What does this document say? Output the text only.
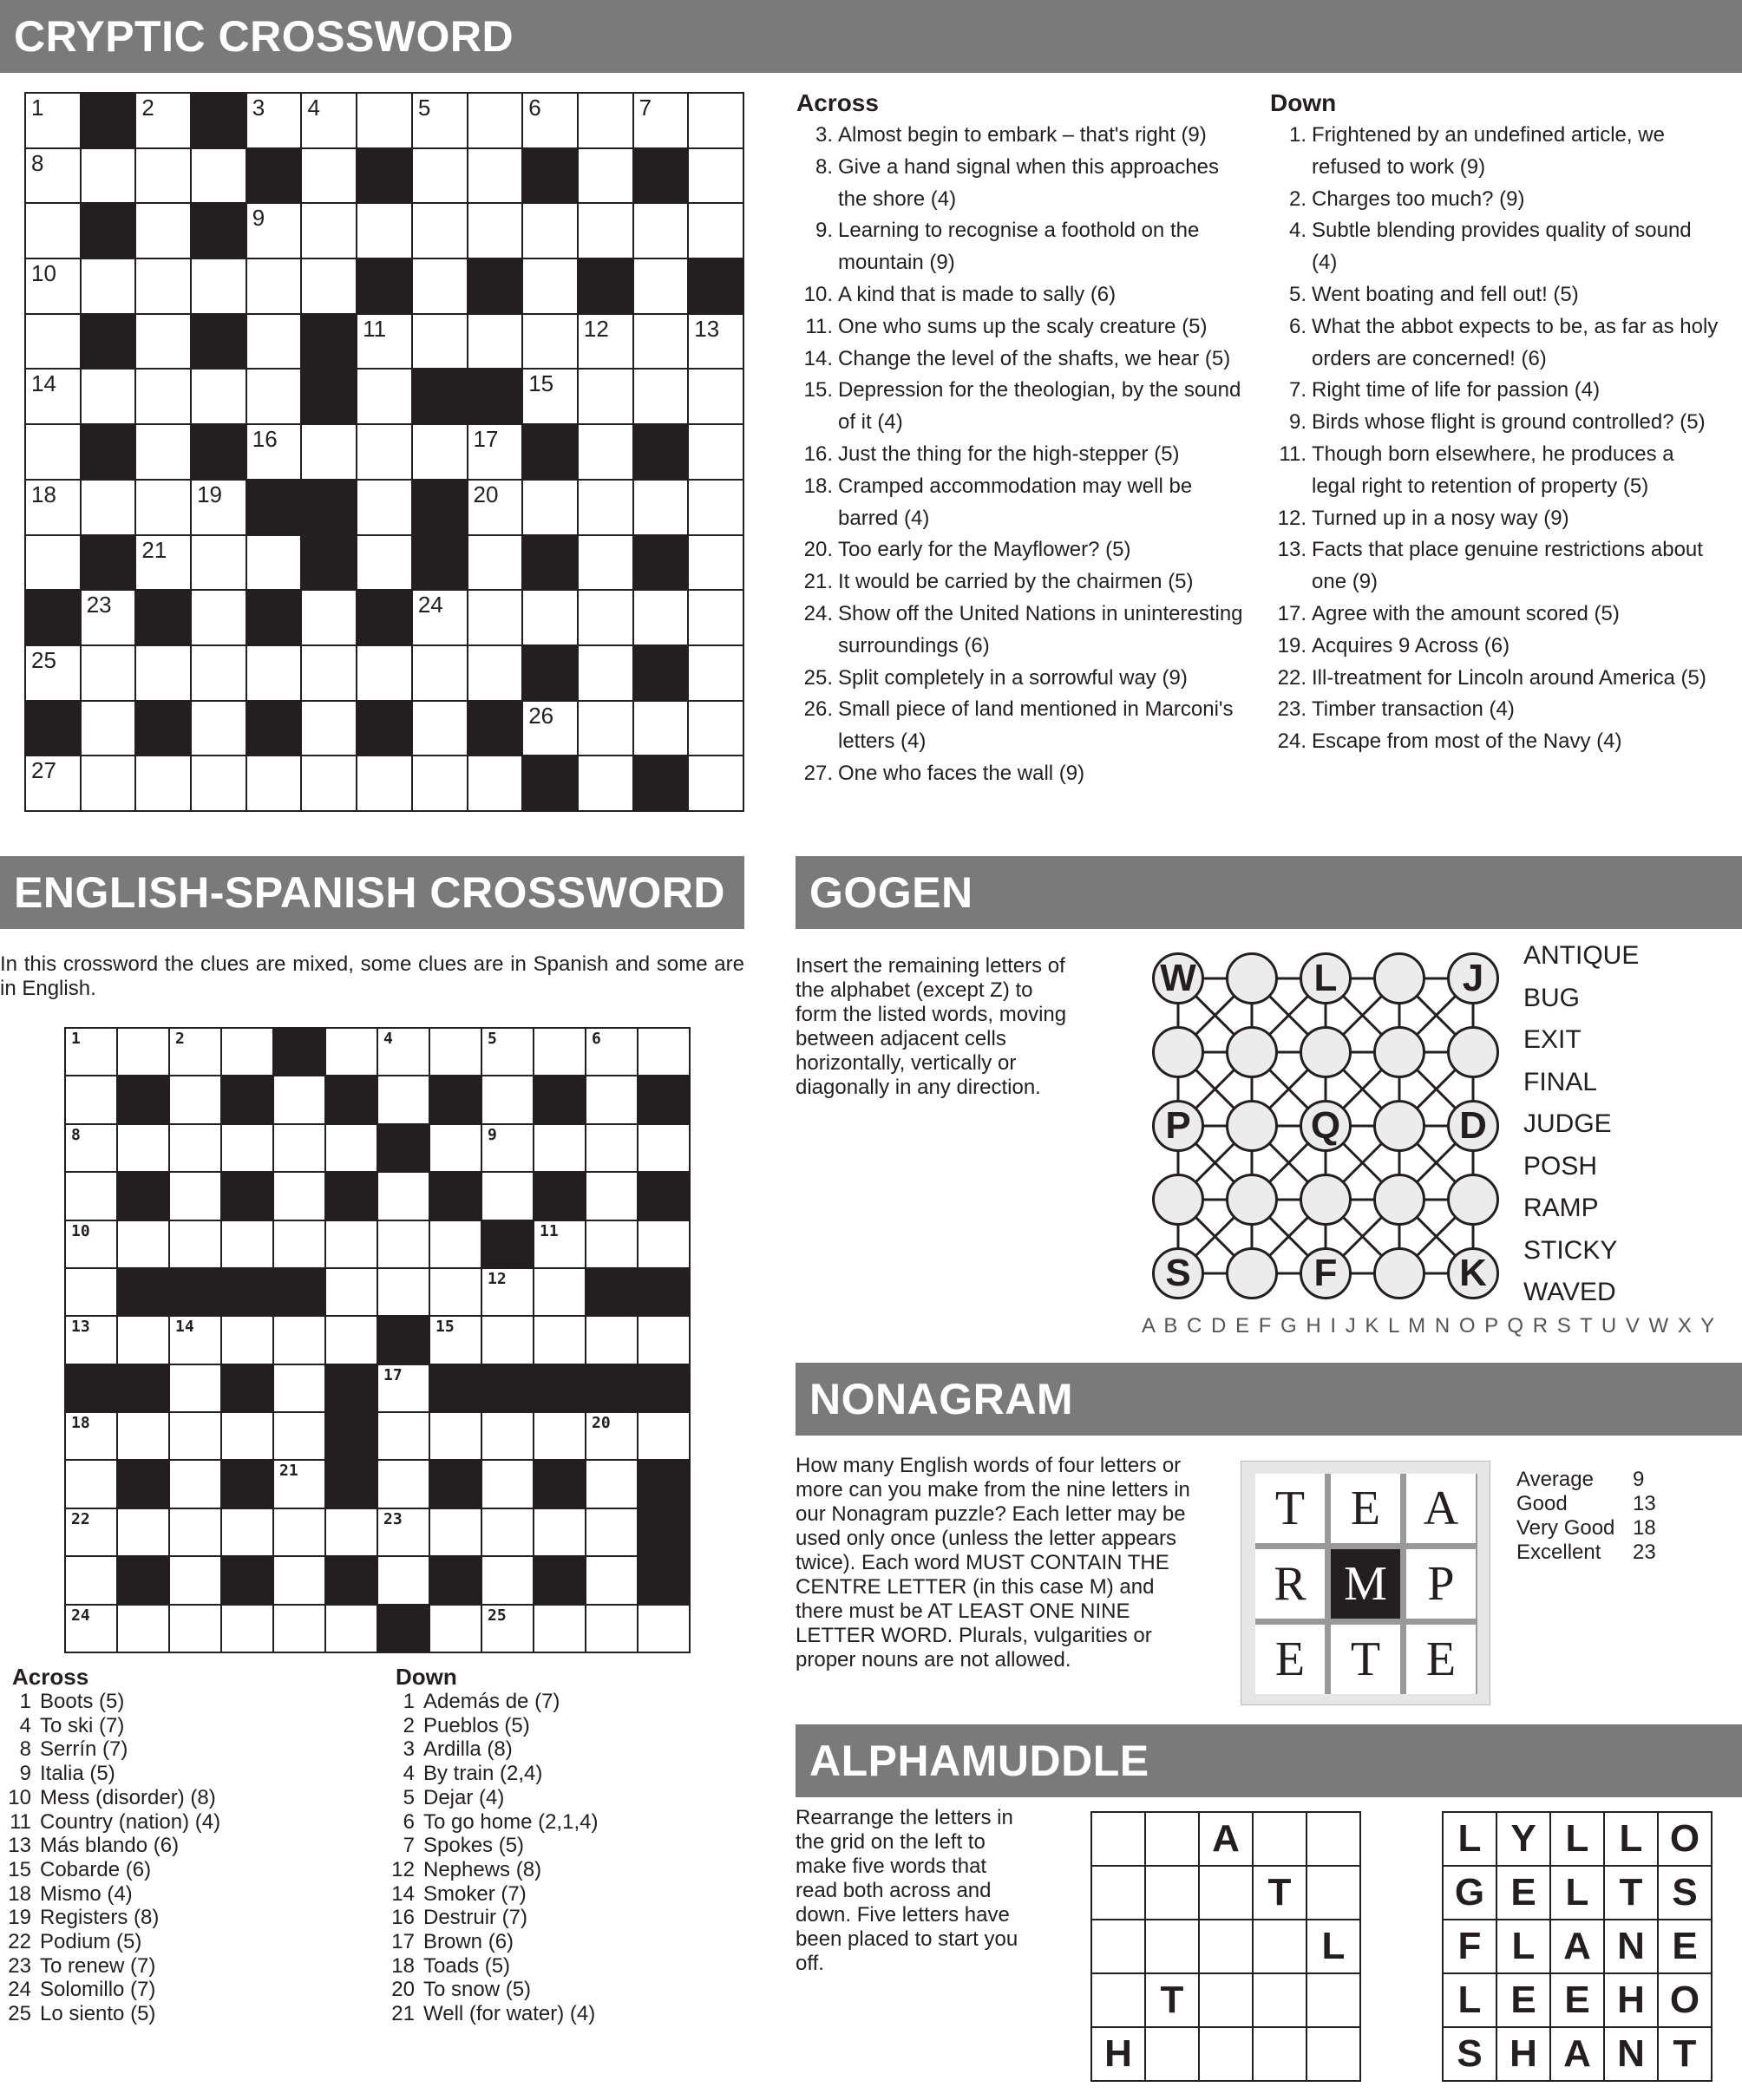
CRYPTIC CROSSWORD
1	2	3 4	5	6	7
8
9
10
11	12	13
14	15
16	17
18	19	20
21	22
23	24
25
26
27
Across
3. Almost begin to embark – that's right (9)
8. Give a hand signal when this approaches the shore (4)
9. Learning to recognise a foothold on the mountain (9)
10. A kind that is made to sally (6)
11. One who sums up the scaly creature (5)
14. Change the level of the shafts, we hear (5)
15. Depression for the theologian, by the sound of it (4)
16. Just the thing for the high-stepper (5)
18. Cramped accommodation may well be barred (4)
20. Too early for the Mayflower? (5)
21. It would be carried by the chairmen (5)
24. Show off the United Nations in uninteresting surroundings (6)
25. Split completely in a sorrowful way (9)
26. Small piece of land mentioned in Marconi's letters (4)
27. One who faces the wall (9)
Down
1. Frightened by an undefined article, we refused to work (9)
2. Charges too much? (9)
4. Subtle blending provides quality of sound (4)
5. Went boating and fell out! (5)
6. What the abbot expects to be, as far as holy orders are concerned! (6)
7. Right time of life for passion (4)
9. Birds whose flight is ground controlled? (5)
11. Though born elsewhere, he produces a legal right to retention of property (5)
12. Turned up in a nosy way (9)
13. Facts that place genuine restrictions about one (9)
17. Agree with the amount scored (5)
19. Acquires 9 Across (6)
22. Ill-treatment for Lincoln around America (5)
23. Timber transaction (4)
24. Escape from most of the Navy (4)
ENGLISH-SPANISH CROSSWORD
In this crossword the clues are mixed, some clues are in Spanish and some are in English.
1	2	3	4	5	6
8	9
10	11
12
13	14	15
17
18	19	20
21
22	23
24	25
Across
1 Boots (5)
4 To ski (7)
8 Serrín (7)
9 Italia (5)
10 Mess (disorder) (8)
11 Country (nation) (4)
13 Más blando (6)
15 Cobarde (6)
18 Mismo (4)
19 Registers (8)
22 Podium (5)
23 To renew (7)
24 Solomillo (7)
25 Lo siento (5)
Down
1 Además de (7)
2 Pueblos (5)
3 Ardilla (8)
4 By train (2,4)
5 Dejar (4)
6 To go home (2,1,4)
7 Spokes (5)
12 Nephews (8)
14 Smoker (7)
16 Destruir (7)
17 Brown (6)
18 Toads (5)
20 To snow (5)
21 Well (for water) (4)
GOGEN
Insert the remaining letters of the alphabet (except Z) to form the listed words, moving between adjacent cells horizontally, vertically or diagonally in any direction.
W	L	J
P	Q	D
S	F	K
ANTIQUE
BUG
EXIT
FINAL
JUDGE
POSH
RAMP
STICKY
WAVED
A B C D E F G H I J K L M N O P Q R S T U V W X Y
NONAGRAM
How many English words of four letters or more can you make from the nine letters in our Nonagram puzzle? Each letter may be used only once (unless the letter appears twice). Each word MUST CONTAIN THE CENTRE LETTER (in this case M) and there must be AT LEAST ONE NINE LETTER WORD. Plurals, vulgarities or proper nouns are not allowed.
T E A
R M P
E T E
Average	9
Good	13
Very Good 18
Excellent	23
ALPHAMUDDLE
Rearrange the letters in the grid on the left to make five words that read both across and down. Five letters have been placed to start you off.
A
T
L
T
H
L Y L L O
G E L T S
F L A N E
L E E H O
S H A N T
